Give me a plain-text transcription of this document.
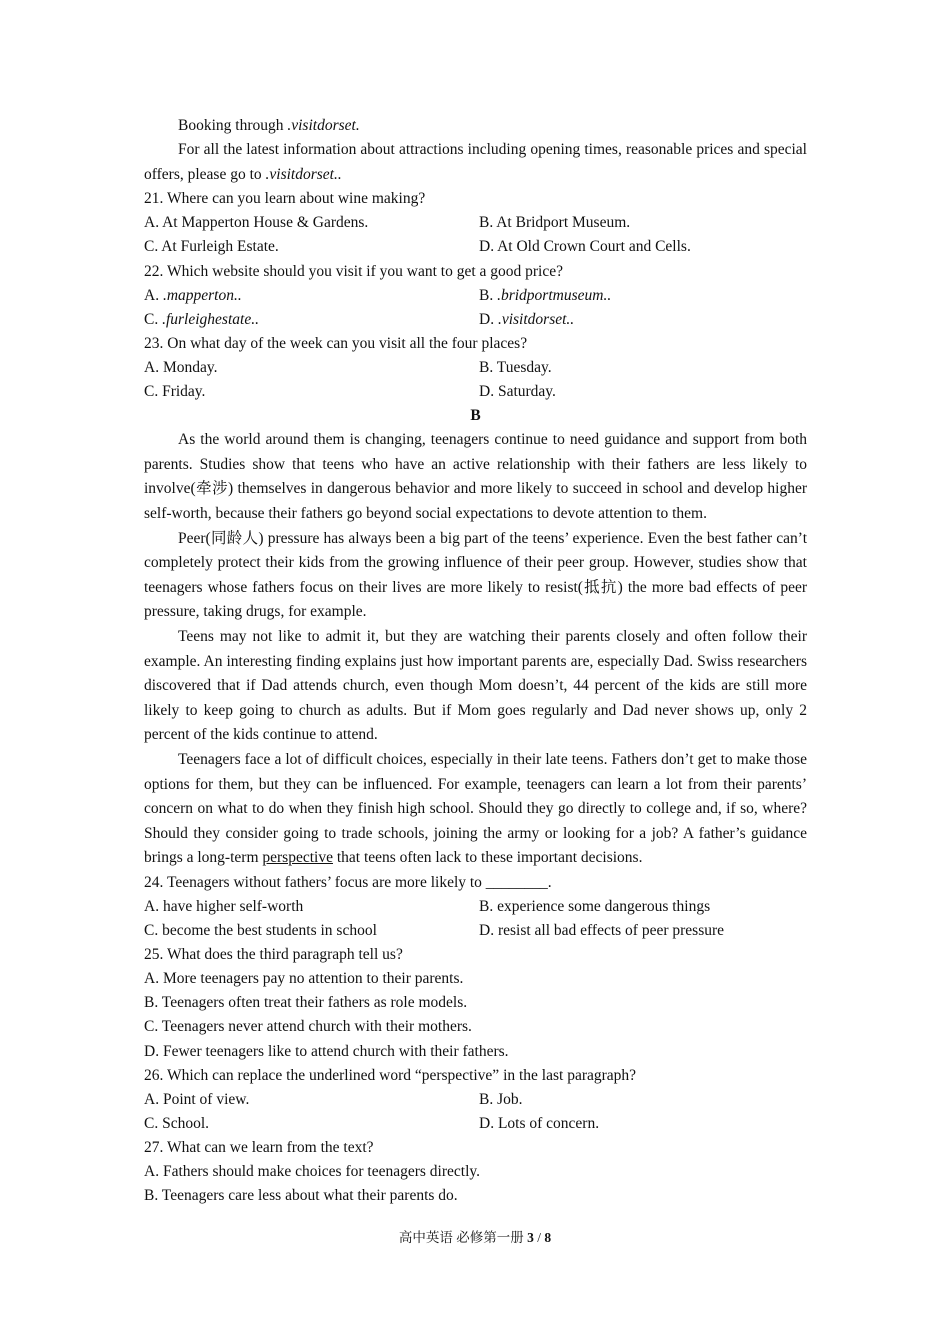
Booking through .visitdorset.

For all the latest information about attractions including opening times, reasonable prices and special offers, please go to .visitdorset..

21. Where can you learn about wine making?
A. At Mapperton House & Gardens.	B. At Bridport Museum.
C. At Furleigh Estate.	D. At Old Crown Court and Cells.
22. Which website should you visit if you want to get a good price?
A. .mapperton..	B. .bridportmuseum..
C. .furleighestate..	D. .visitdorset..
23. On what day of the week can you visit all the four places?
A. Monday.	B. Tuesday.
C. Friday.	D. Saturday.
B

As the world around them is changing, teenagers continue to need guidance and support from both parents. Studies show that teens who have an active relationship with their fathers are less likely to involve(牵涉) themselves in dangerous behavior and more likely to succeed in school and develop higher self-worth, because their fathers go beyond social expectations to devote attention to them.

Peer(同龄人) pressure has always been a big part of the teens’ experience. Even the best father can’t completely protect their kids from the growing influence of their peer group. However, studies show that teenagers whose fathers focus on their lives are more likely to resist(抵抗) the more bad effects of peer pressure, taking drugs, for example.

Teens may not like to admit it, but they are watching their parents closely and often follow their example. An interesting finding explains just how important parents are, especially Dad. Swiss researchers discovered that if Dad attends church, even though Mom doesn’t, 44 percent of the kids are still more likely to keep going to church as adults. But if Mom goes regularly and Dad never shows up, only 2 percent of the kids continue to attend.

Teenagers face a lot of difficult choices, especially in their late teens. Fathers don’t get to make those options for them, but they can be influenced. For example, teenagers can learn a lot from their parents’ concern on what to do when they finish high school. Should they go directly to college and, if so, where? Should they consider going to trade schools, joining the army or looking for a job? A father’s guidance brings a long-term perspective that teens often lack to these important decisions.

24. Teenagers without fathers’ focus are more likely to ________.
A. have higher self-worth	B. experience some dangerous things
C. become the best students in school	D. resist all bad effects of peer pressure
25. What does the third paragraph tell us?
A. More teenagers pay no attention to their parents.
B. Teenagers often treat their fathers as role models.
C. Teenagers never attend church with their mothers.
D. Fewer teenagers like to attend church with their fathers.
26. Which can replace the underlined word “perspective” in the last paragraph?
A. Point of view.	B. Job.
C. School.	D. Lots of concern.
27. What can we learn from the text?
A. Fathers should make choices for teenagers directly.
B. Teenagers care less about what their parents do.
高中英语 必修第一册 3 / 8
